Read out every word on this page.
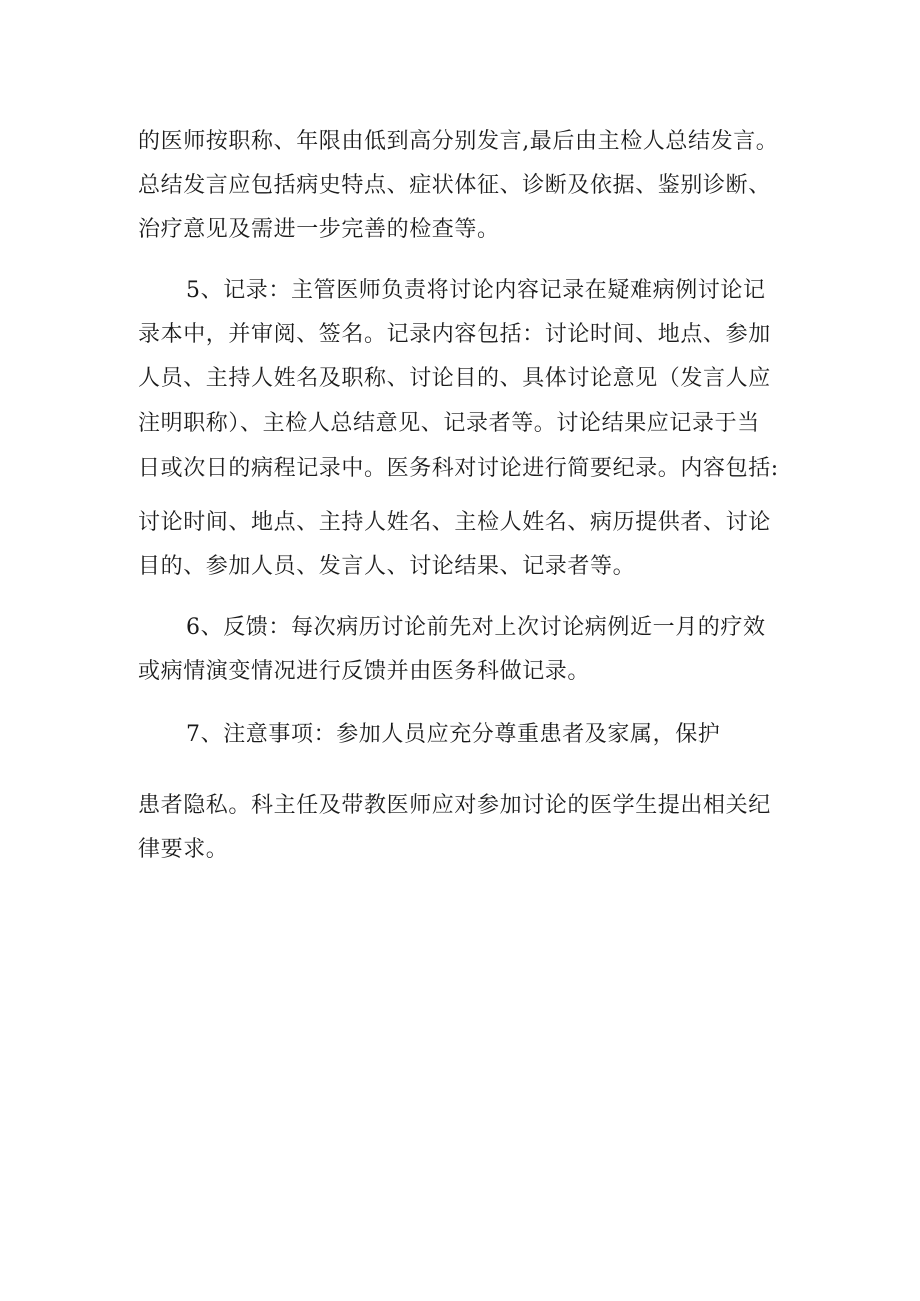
的医师按职称、年限由低到高分别发言,最后由主检人总结发言。
总结发言应包括病史特点、症状体征、诊断及依据、鉴别诊断、
治疗意见及需进一步完善的检查等。
5、记录：主管医师负责将讨论内容记录在疑难病例讨论记
录本中，并审阅、签名。记录内容包括：讨论时间、地点、参加
人员、主持人姓名及职称、讨论目的、具体讨论意见（发言人应
注明职称）、主检人总结意见、记录者等。讨论结果应记录于当
日或次日的病程记录中。医务科对讨论进行简要纪录。内容包括:
讨论时间、地点、主持人姓名、主检人姓名、病历提供者、讨论
目的、参加人员、发言人、讨论结果、记录者等。
6、反馈：每次病历讨论前先对上次讨论病例近一月的疗效
或病情演变情况进行反馈并由医务科做记录。
7、注意事项：参加人员应充分尊重患者及家属，保护
患者隐私。科主任及带教医师应对参加讨论的医学生提出相关纪
律要求。
